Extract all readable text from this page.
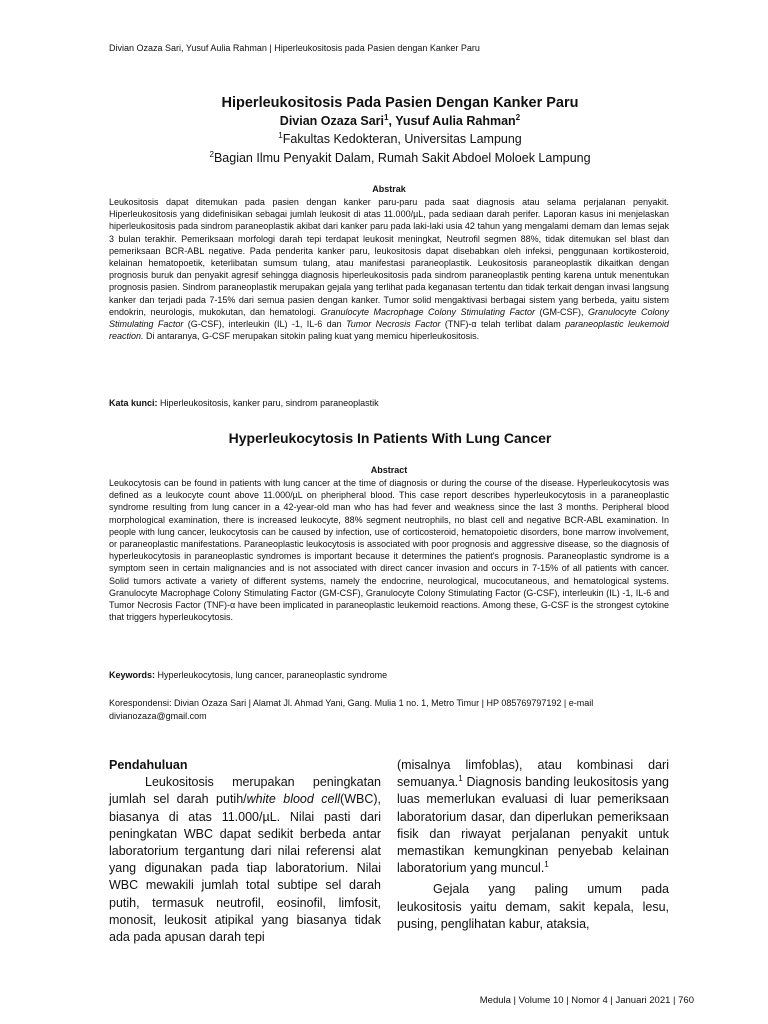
Divian Ozaza Sari, Yusuf Aulia Rahman | Hiperleukositosis pada Pasien dengan Kanker Paru
Hiperleukositosis Pada Pasien Dengan Kanker Paru
Divian Ozaza Sari$^1$, Yusuf Aulia Rahman$^2$
$^1$Fakultas Kedokteran, Universitas Lampung
$^2$Bagian Ilmu Penyakit Dalam, Rumah Sakit Abdoel Moloek Lampung
Abstrak
Leukositosis dapat ditemukan pada pasien dengan kanker paru-paru pada saat diagnosis atau selama perjalanan penyakit. Hiperleukositosis yang didefinisikan sebagai jumlah leukosit di atas 11.000/µL, pada sediaan darah perifer. Laporan kasus ini menjelaskan hiperleukositosis pada sindrom paraneoplastik akibat dari kanker paru pada laki-laki usia 42 tahun yang mengalami demam dan lemas sejak 3 bulan terakhir. Pemeriksaan morfologi darah tepi terdapat leukosit meningkat, Neutrofil segmen 88%, tidak ditemukan sel blast dan pemeriksaan BCR-ABL negative. Pada penderita kanker paru, leukositosis dapat disebabkan oleh infeksi, penggunaan kortikosteroid, kelainan hematopoetik, keterlibatan sumsum tulang, atau manifestasi paraneoplastik. Leukositosis paraneoplastik dikaitkan dengan prognosis buruk dan penyakit agresif sehingga diagnosis hiperleukositosis pada sindrom paraneoplastik penting karena untuk menentukan prognosis pasien. Sindrom paraneoplastik merupakan gejala yang terlihat pada keganasan tertentu dan tidak terkait dengan invasi langsung kanker dan terjadi pada 7-15% dari semua pasien dengan kanker. Tumor solid mengaktivasi berbagai sistem yang berbeda, yaitu sistem endokrin, neurologis, mukokutan, dan hematologi. Granulocyte Macrophage Colony Stimulating Factor (GM-CSF), Granulocyte Colony Stimulating Factor (G-CSF), interleukin (IL) -1, IL-6 dan Tumor Necrosis Factor (TNF)-α telah terlibat dalam paraneoplastic leukemoid reaction. Di antaranya, G-CSF merupakan sitokin paling kuat yang memicu hiperleukositosis.
Kata kunci: Hiperleukositosis, kanker paru, sindrom paraneoplastik
Hyperleukocytosis In Patients With Lung Cancer
Abstract
Leukocytosis can be found in patients with lung cancer at the time of diagnosis or during the course of the disease. Hyperleukocytosis was defined as a leukocyte count above 11.000/µL on pheripheral blood. This case report describes hyperleukocytosis in a paraneoplastic syndrome resulting from lung cancer in a 42-year-old man who has had fever and weakness since the last 3 months. Peripheral blood morphological examination, there is increased leukocyte, 88% segment neutrophils, no blast cell and negative BCR-ABL examination. In people with lung cancer, leukocytosis can be caused by infection, use of corticosteroid, hematopoietic disorders, bone marrow involvement, or paraneoplastic manifestations. Paraneoplastic leukocytosis is associated with poor prognosis and aggressive disease, so the diagnosis of hyperleukocytosis in paraneoplastic syndromes is important because it determines the patient's prognosis. Paraneoplastic syndrome is a symptom seen in certain malignancies and is not associated with direct cancer invasion and occurs in 7-15% of all patients with cancer. Solid tumors activate a variety of different systems, namely the endocrine, neurological, mucocutaneous, and hematological systems. Granulocyte Macrophage Colony Stimulating Factor (GM-CSF), Granulocyte Colony Stimulating Factor (G-CSF), interleukin (IL) -1, IL-6 and Tumor Necrosis Factor (TNF)-α have been implicated in paraneoplastic leukemoid reactions. Among these, G-CSF is the strongest cytokine that triggers hyperleukocytosis.
Keywords: Hyperleukocytosis, lung cancer, paraneoplastic syndrome
Korespondensi: Divian Ozaza Sari | Alamat Jl. Ahmad Yani, Gang. Mulia 1 no. 1, Metro Timur | HP 085769797192 | e-mail divianozaza@gmail.com

Pendahuluan

Leukositosis merupakan peningkatan jumlah sel darah putih/white blood cell(WBC), biasanya di atas 11.000/µL. Nilai pasti dari peningkatan WBC dapat sedikit berbeda antar laboratorium tergantung dari nilai referensi alat yang digunakan pada tiap laboratorium. Nilai WBC mewakili jumlah total subtipe sel darah putih, termasuk neutrofil, eosinofil, limfosit, monosit, leukosit atipikal yang biasanya tidak ada pada apusan darah tepi

(misalnya limfoblas), atau kombinasi dari semuanya.$^1$ Diagnosis banding leukositosis yang luas memerlukan evaluasi di luar pemeriksaan laboratorium dasar, dan diperlukan pemeriksaan fisik dan riwayat perjalanan penyakit untuk memastikan kemungkinan penyebab kelainan laboratorium yang muncul.$^1$

Gejala yang paling umum pada leukositosis yaitu demam, sakit kepala, lesu, pusing, penglihatan kabur, ataksia,

Medula | Volume 10 | Nomor 4 | Januari 2021 | 760
